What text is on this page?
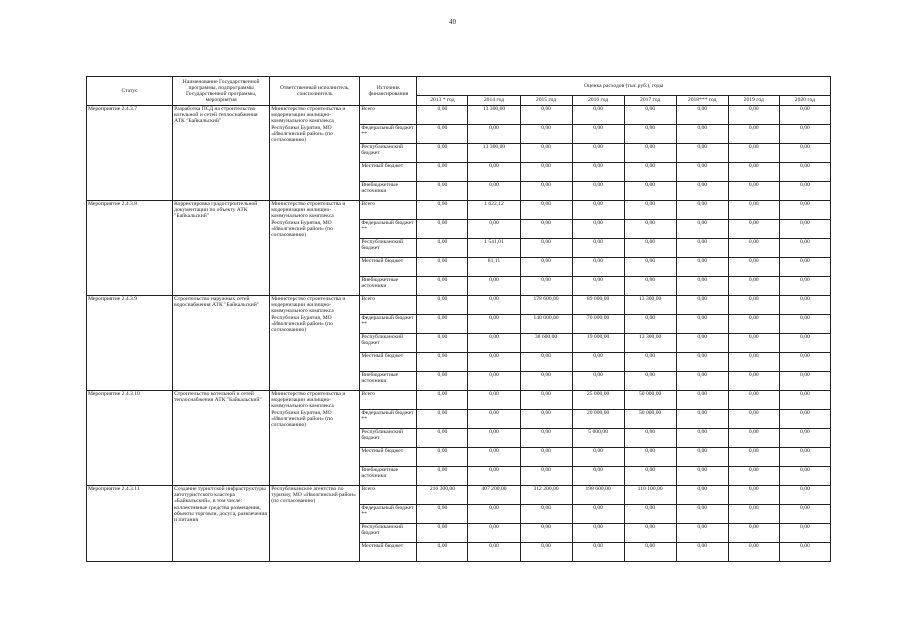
40
Статус	Наименование Государственной программы, подпрограммы Государственной программы, мероприятия	Ответственный исполнитель, соисполнитель	Источник финансирования	Оценка расходов (тыс.руб.), годы							
				2013 * год	2014 год	2015 год	2016 год	2017 год	2018*** год	2019 год	2020 год
Мероприятие 2.4.3.7	Разработка ПСД на строительство котельной и сетей теплоснабжения АТК "Байкальский"	Министерство строительства и модернизации жилищно-коммунального комплекса Республики Бурятия, МО «Иволгинский район» (по согласованию)	Всего	0,00	13 300,00	0,00	0,00	0,00	0,00	0,00	0,00
			Федеральный бюджет **	0,00	0,00	0,00	0,00	0,00	0,00	0,00	0,00
			Республиканский бюджет	0,00	13 300,00	0,00	0,00	0,00	0,00	0,00	0,00
			Местный бюджет	0,00	0,00	0,00	0,00	0,00	0,00	0,00	0,00
			Внебюджетные источники	0,00	0,00	0,00	0,00	0,00	0,00	0,00	0,00
Мероприятие 2.4.3.8	Корректировка градостроительной документации по объекту АТК "Байкальский"	Министерство строительства и модернизации жилищно-коммунального комплекса Республики Бурятия, МО «Иволгинский район» (по согласованию)	Всего	0,00	1 622,12	0,00	0,00	0,00	0,00	0,00	0,00
			Федеральный бюджет **	0,00	0,00	0,00	0,00	0,00	0,00	0,00	0,00
			Республиканский бюджет	0,00	1 541,01	0,00	0,00	0,00	0,00	0,00	0,00
			Местный бюджет	0,00	81,11	0,00	0,00	0,00	0,00	0,00	0,00
			Внебюджетные источники	0,00	0,00	0,00	0,00	0,00	0,00	0,00	0,00
Мероприятие 2.4.3.9	Строительство наружных сетей водоснабжения АТК "Байкальский"	Министерство строительства и модернизации жилищно-коммунального комплекса Республики Бурятия, МО «Иволгинский район» (по согласованию)	Всего	0,00	0,00	178 600,00	89 000,00	13 300,00	0,00	0,00	0,00
			Федеральный бюджет **	0,00	0,00	140 000,00	70 000,00	0,00	0,00	0,00	0,00
			Республиканский бюджет	0,00	0,00	38 600,00	19 000,00	13 300,00	0,00	0,00	0,00
			Местный бюджет	0,00	0,00	0,00	0,00	0,00	0,00	0,00	0,00
			Внебюджетные источники	0,00	0,00	0,00	0,00	0,00	0,00	0,00	0,00
Мероприятие 2.4.3.10	Строительство котельной и сетей теплоснабжения АТК "Байкальский"	Министерство строительства и модернизации жилищно-коммунального комплекса Республики Бурятия, МО «Иволгинский район» (по согласованию)	Всего	0,00	0,00	0,00	25 000,00	50 000,00	0,00	0,00	0,00
			Федеральный бюджет **	0,00	0,00	0,00	20 000,00	50 000,00	0,00	0,00	0,00
			Республиканский бюджет	0,00	0,00	0,00	5 000,00	0,00	0,00	0,00	0,00
			Местный бюджет	0,00	0,00	0,00	0,00	0,00	0,00	0,00	0,00
			Внебюджетные источники	0,00	0,00	0,00	0,00	0,00	0,00	0,00	0,00
Мероприятие 2.4.3.11	Создание туристской инфраструктуры автотуристского кластера «Байкальский», в том числе: коллективные средства размещения, объекты торговли, досуга, развлечения и питания	Республиканское агентство по туризму, МО «Иволгинский район» (по согласованию)	Всего	216 300,00	407 200,00	312 200,00	198 600,00	110 100,00	0,00	0,00	0,00
			Федеральный бюджет **	0,00	0,00	0,00	0,00	0,00	0,00	0,00	0,00
			Республиканский бюджет	0,00	0,00	0,00	0,00	0,00	0,00	0,00	0,00
			Местный бюджет	0,00	0,00	0,00	0,00	0,00	0,00	0,00	0,00
